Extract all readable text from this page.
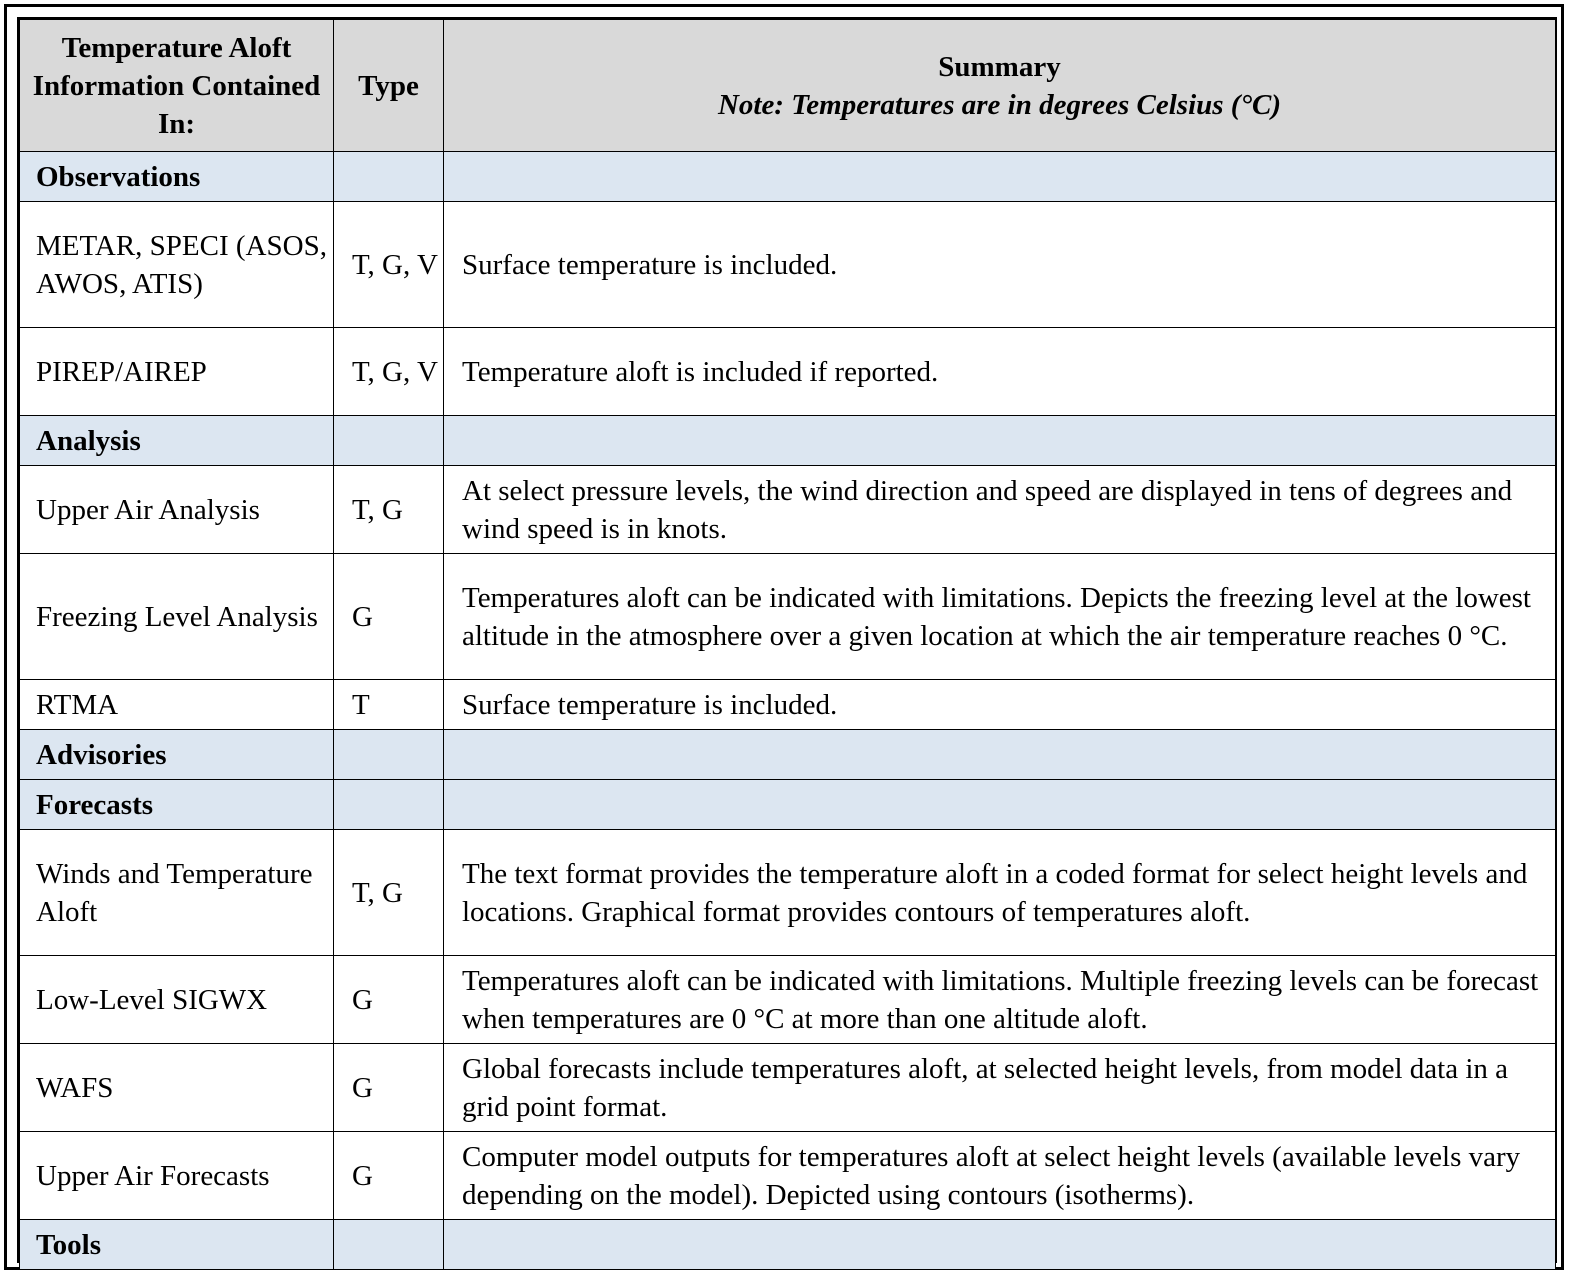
Temperature Aloft Information Contained In:	Type	Summary
Note: Temperatures are in degrees Celsius (°C)

Observations		
METAR, SPECI (ASOS, AWOS, ATIS)	T, G, V	Surface temperature is included.
PIREP/AIREP	T, G, V	Temperature aloft is included if reported.
Analysis		
Upper Air Analysis	T, G	At select pressure levels, the wind direction and speed are displayed in tens of degrees and wind speed is in knots.
Freezing Level Analysis	G	Temperatures aloft can be indicated with limitations. Depicts the freezing level at the lowest altitude in the atmosphere over a given location at which the air temperature reaches 0 °C.
RTMA	T	Surface temperature is included.
Advisories		
Forecasts		
Winds and Temperature Aloft	T, G	The text format provides the temperature aloft in a coded format for select height levels and locations. Graphical format provides contours of temperatures aloft.
Low-Level SIGWX	G	Temperatures aloft can be indicated with limitations. Multiple freezing levels can be forecast when temperatures are 0 °C at more than one altitude aloft.
WAFS	G	Global forecasts include temperatures aloft, at selected height levels, from model data in a grid point format.
Upper Air Forecasts	G	Computer model outputs for temperatures aloft at select height levels (available levels vary depending on the model). Depicted using contours (isotherms).
Tools		
